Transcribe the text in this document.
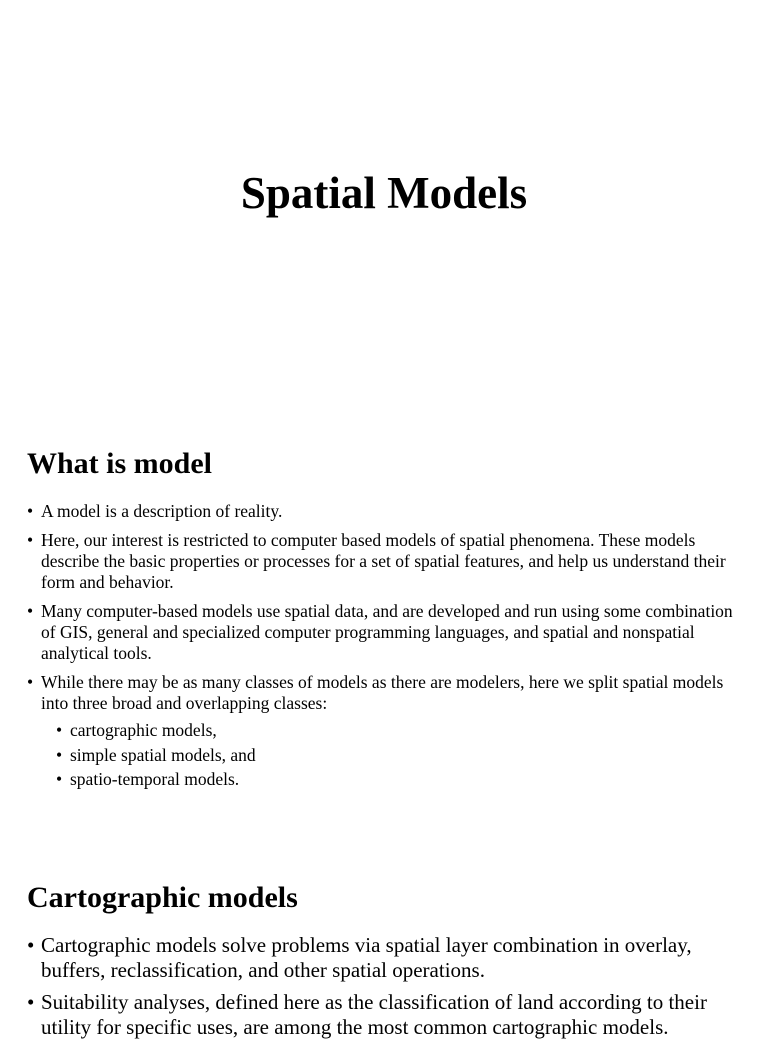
Spatial Models
What is model
• A model is a description of reality.
• Here, our interest is restricted to computer based models of spatial phenomena. These models describe the basic properties or processes for a set of spatial features, and help us understand their form and behavior.
• Many computer-based models use spatial data, and are developed and run using some combination of GIS, general and specialized computer programming languages, and spatial and nonspatial analytical tools.
• While there may be as many classes of models as there are modelers, here we split spatial models into three broad and overlapping classes:
• cartographic models,
• simple spatial models, and
• spatio-temporal models.
Cartographic models
• Cartographic models solve problems via spatial layer combination in overlay, buffers, reclassification, and other spatial operations.
• Suitability analyses, defined here as the classification of land according to their utility for specific uses, are among the most common cartographic models.
